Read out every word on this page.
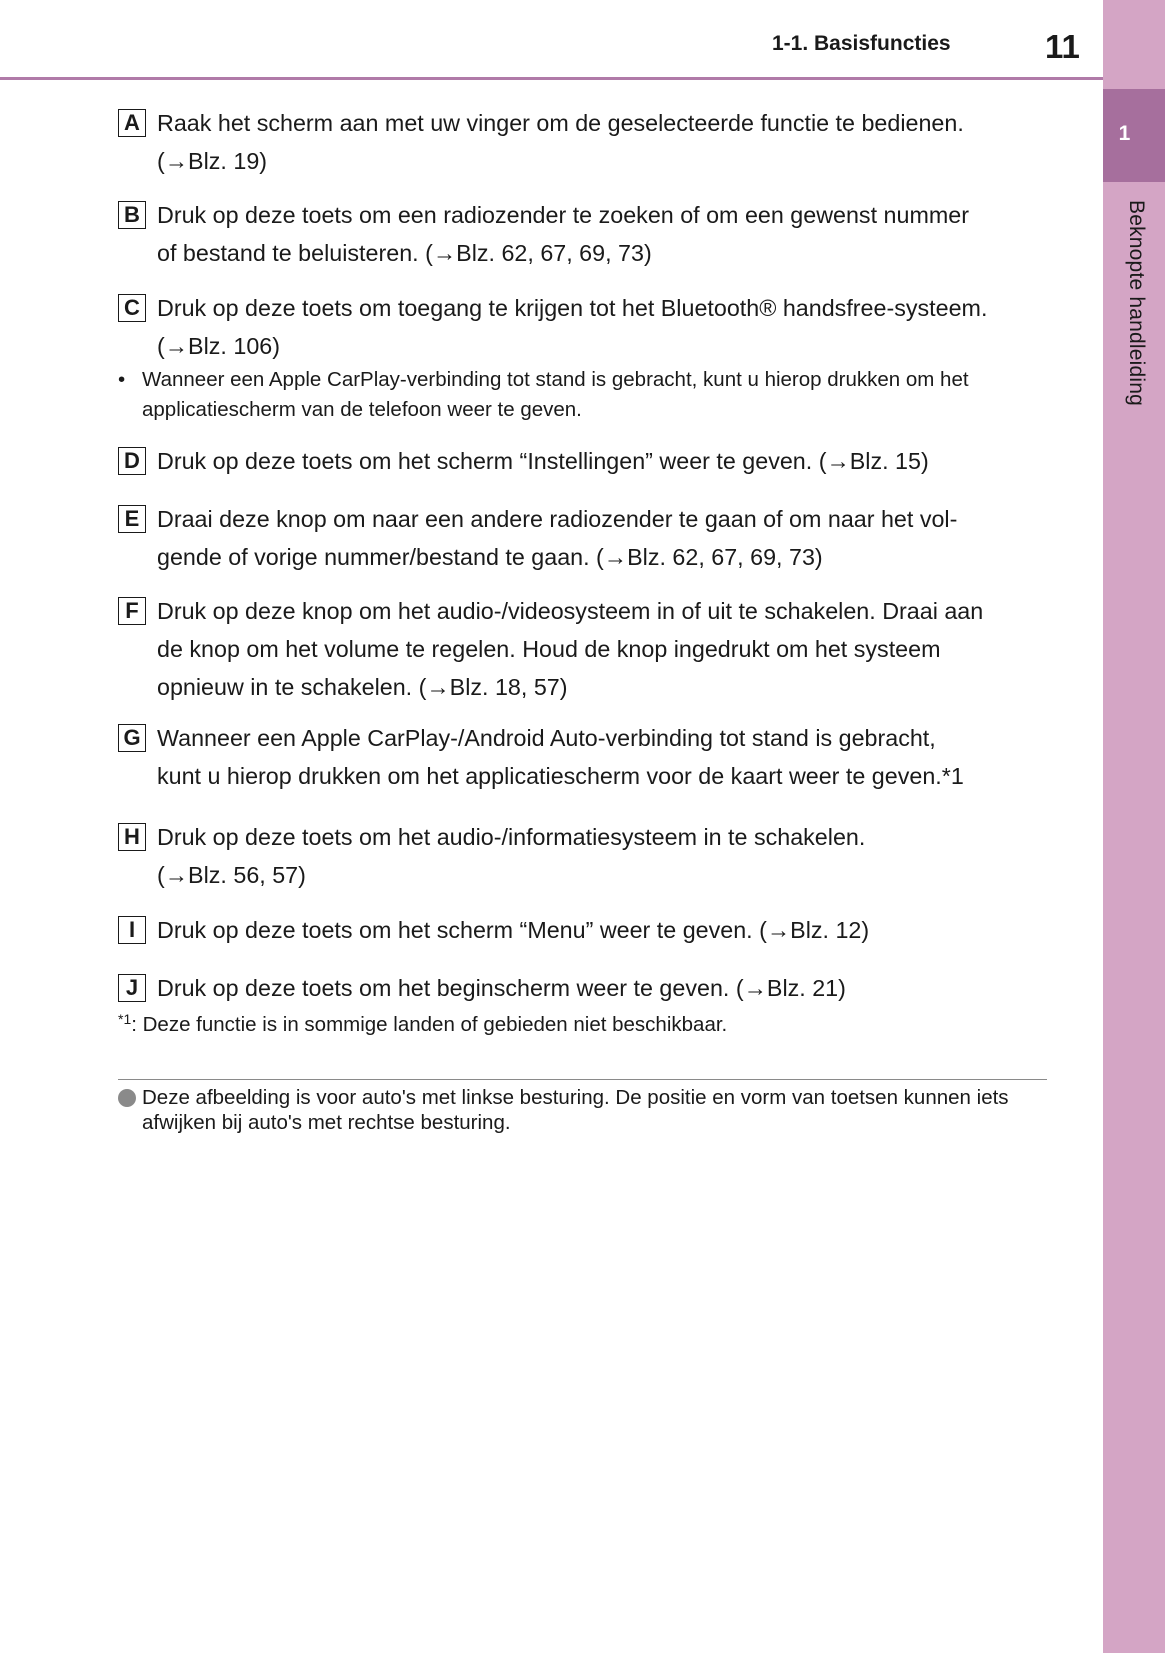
1
Beknopte handleiding
1-1. Basisfuncties	11
A Raak het scherm aan met uw vinger om de geselecteerde functie te bedienen.
(→Blz. 19)
B Druk op deze toets om een radiozender te zoeken of om een gewenst nummer
of bestand te beluisteren. (→Blz. 62, 67, 69, 73)
C Druk op deze toets om toegang te krijgen tot het Bluetooth® handsfree-systeem.
(→Blz. 106)
• Wanneer een Apple CarPlay-verbinding tot stand is gebracht, kunt u hierop drukken om het applicatiescherm van de telefoon weer te geven.
D Druk op deze toets om het scherm “Instellingen” weer te geven. (→Blz. 15)
E Draai deze knop om naar een andere radiozender te gaan of om naar het vol-
gende of vorige nummer/bestand te gaan. (→Blz. 62, 67, 69, 73)
F Druk op deze knop om het audio-/videosysteem in of uit te schakelen. Draai aan
de knop om het volume te regelen. Houd de knop ingedrukt om het systeem
opnieuw in te schakelen. (→Blz. 18, 57)
G Wanneer een Apple CarPlay-/Android Auto-verbinding tot stand is gebracht,
kunt u hierop drukken om het applicatiescherm voor de kaart weer te geven.*1
H Druk op deze toets om het audio-/informatiesysteem in te schakelen.
(→Blz. 56, 57)
I Druk op deze toets om het scherm “Menu” weer te geven. (→Blz. 12)
J Druk op deze toets om het beginscherm weer te geven. (→Blz. 21)
$^{*1}$: Deze functie is in sommige landen of gebieden niet beschikbaar.
Deze afbeelding is voor auto's met linkse besturing. De positie en vorm van toetsen kunnen iets afwijken bij auto's met rechtse besturing.
